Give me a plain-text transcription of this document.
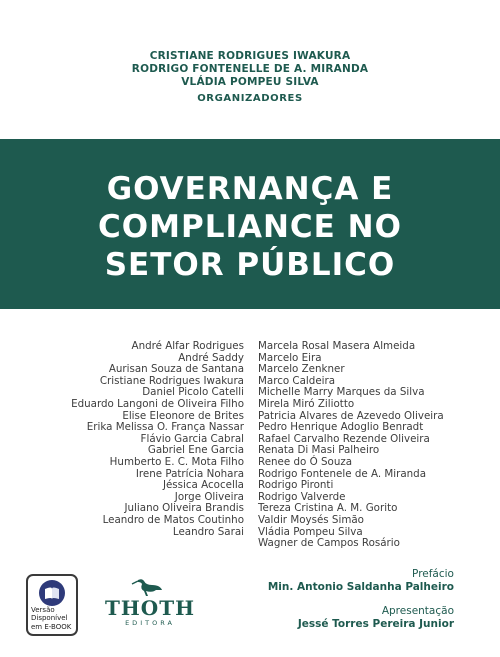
CRISTIANE RODRIGUES IWAKURA
RODRIGO FONTENELLE DE A. MIRANDA
VLÁDIA POMPEU SILVA
ORGANIZADORES
GOVERNANÇA E
COMPLIANCE NO
SETOR PÚBLICO
André Alfar Rodrigues
André Saddy
Aurisan Souza de Santana
Cristiane Rodrigues Iwakura
Daniel Picolo Catelli
Eduardo Langoni de Oliveira Filho
Elise Eleonore de Brites
Erika Melissa O. França Nassar
Flávio Garcia Cabral
Gabriel Ene Garcia
Humberto E. C. Mota Filho
Irene Patrícia Nohara
Jéssica Acocella
Jorge Oliveira
Juliano Oliveira Brandis
Leandro de Matos Coutinho
Leandro Sarai
Marcela Rosal Masera Almeida
Marcelo Eira
Marcelo Zenkner
Marco Caldeira
Michelle Marry Marques da Silva
Mirela Miró Ziliotto
Patricia Alvares de Azevedo Oliveira
Pedro Henrique Adoglio Benradt
Rafael Carvalho Rezende Oliveira
Renata Di Masi Palheiro
Renee do Ó Souza
Rodrigo Fontenele de A. Miranda
Rodrigo Pironti
Rodrigo Valverde
Tereza Cristina A. M. Gorito
Valdir Moysés Simão
Vládia Pompeu Silva
Wagner de Campos Rosário
Prefácio
Min. Antonio Saldanha Palheiro
Apresentação
Jessé Torres Pereira Junior
Versão
Disponível
em E-BOOK
THOTH
EDITORA
